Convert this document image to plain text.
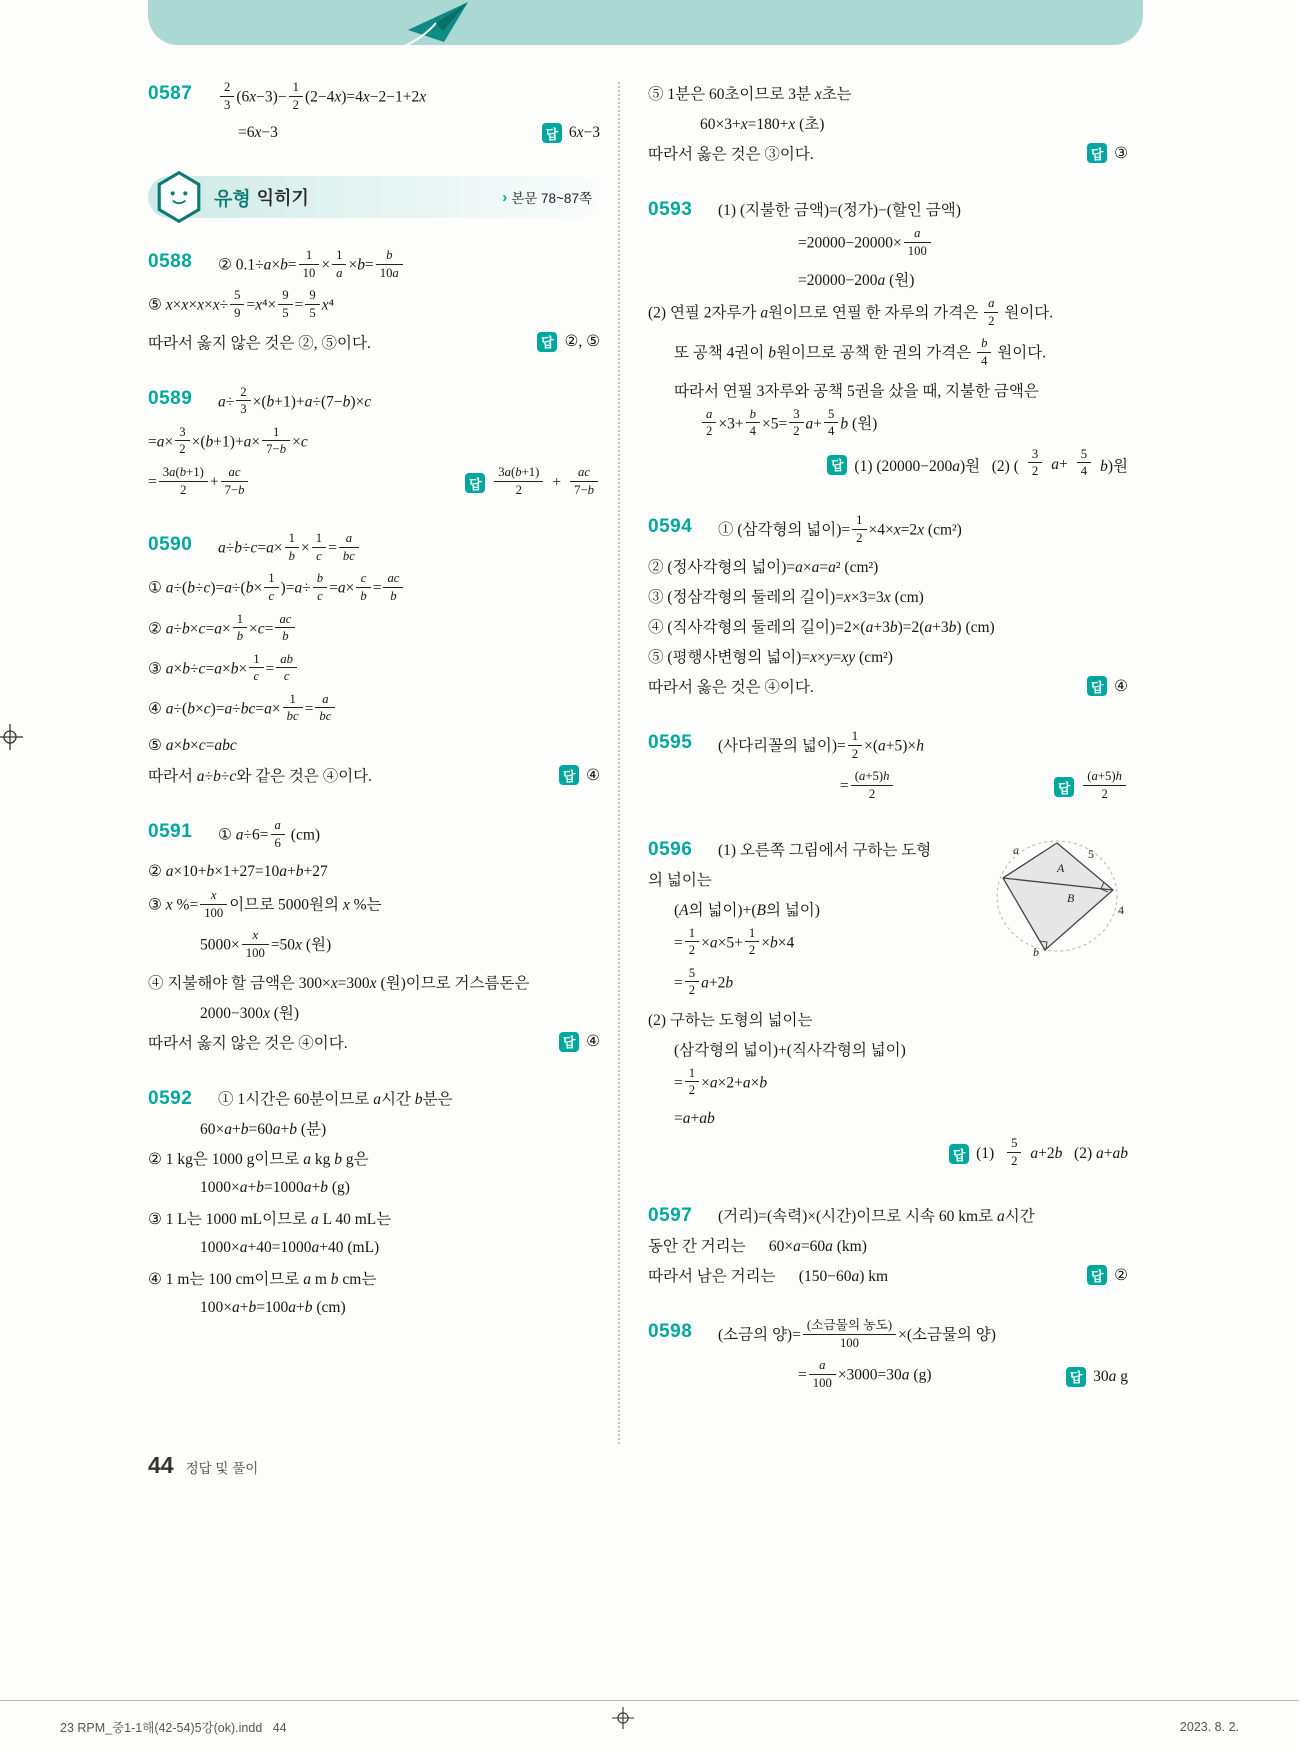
$0587 \frac{2}{3} (6x-3)- \frac{1}{2} (2-4x)=4x-2-1+2x$
=6x−3	답 6x−3
유형 익히기	› 본문 78~87쪽
0588	② $0.1\div a\times b= \frac{1}{10} \times \frac{1}{a} \times b= \frac{b}{10a}$
⑤ $x\times x\times x\times x\div \frac{5}{9} =x^4\times \frac{9}{5} = \frac{9}{5} x^4$
따라서 옳지 않은 것은 ②, ⑤이다.	답 ②, ⑤
0589	$a\div \frac{2}{3} \times(b+1)+a\div(7-b)\times c$
$=a\times \frac{3}{2} \times(b+1)+a\times \frac{1}{7-b} \times c$
= $\frac{3a(b+1)}{2} + \frac{ac}{7-b}$	답 $\frac{3a(b+1)}{2} + \frac{ac}{7-b}$
0590	$a\div b\div c=a\times \frac{1}{b} \times \frac{1}{c} = \frac{a}{bc}$
① $a\div(b\div c)=a\div(b\times \frac{1}{c} )=a\div \frac{b}{c} =a\times \frac{c}{b} = \frac{ac}{b}$
② $a\div b\times c=a\times \frac{1}{b} \times c= \frac{ac}{b}$
③ $a\times b\div c=a\times b\times \frac{1}{c} = \frac{ab}{c}$
④ $a\div(b\times c)=a\div bc=a\times \frac{1}{bc} = \frac{a}{bc}$
⑤ a×b×c=abc
따라서 a÷b÷c와 같은 것은 ④이다.	답 ④
0591	① $a\div 6= \frac{a}{6} (cm)$
② a×10+b×1+27=10a+b+27
③ x %= $\frac{x}{100}$ 이므로 5000원의 x %는
$5000\times \frac{x}{100} =50x$ (원)
④ 지불해야 할 금액은 300×x=300x (원)이므로 거스름돈은
2000−300x (원)
따라서 옳지 않은 것은 ④이다.	답 ④
0592	① 1시간은 60분이므로 a시간 b분은
60×a+b=60a+b (분)
② 1 kg은 1000 g이므로 a kg b g은
1000×a+b=1000a+b (g)
③ 1 L는 1000 mL이므로 a L 40 mL는
1000×a+40=1000a+40 (mL)
④ 1 m는 100 cm이므로 a m b cm는
100×a+b=100a+b (cm)
⑤ 1분은 60초이므로 3분 x초는
60×3+x=180+x (초)
따라서 옳은 것은 ③이다.	답 ③
0593	(1) (지불한 금액)=(정가)−(할인 금액)
$=20000-20000\times \frac{a}{100}$
=20000−200a (원)
(2) 연필 2자루가 a원이므로 연필 한 자루의 가격은 $\frac{a}{2}$ 원이다.
또 공책 4권이 b원이므로 공책 한 권의 가격은 $\frac{b}{4}$ 원이다.
따라서 연필 3자루와 공책 5권을 샀을 때, 지불한 금액은
$\frac{a}{2} \times 3+ \frac{b}{4} \times 5= \frac{3}{2} a+ \frac{5}{4}$ b (원)
답 (1) (20000−200a)원   (2) ( $\frac{3}{2} a+ \frac{5}{4} b$)원
0594	① (삼각형의 넓이)= $\frac{1}{2} \times 4\times x=2x$ (cm²)
② (정사각형의 넓이)=a×a=a² (cm²)
③ (정삼각형의 둘레의 길이)=x×3=3x (cm)
④ (직사각형의 둘레의 길이)=2×(a+3b)=2(a+3b) (cm)
⑤ (평행사변형의 넓이)=x×y=xy (cm²)
따라서 옳은 것은 ④이다.	답 ④
0595	(사다리꼴의 넓이)= $\frac{1}{2} \times(a+5)\times h$
= $\frac{(a+5)h}{2}$	답 $\frac{(a+5)h}{2}$
0596	5
a
4
b
A
B
(1) 오른쪽 그림에서 구하는 도형
의 넓이는
(A의 넓이)+(B의 넓이)
= $\frac{1}{2} \times a\times 5+ \frac{1}{2} \times b\times 4$
= $\frac{5}{2} a+2b$
(2) 구하는 도형의 넓이는
(삼각형의 넓이)+(직사각형의 넓이)
= $\frac{1}{2} \times a\times 2+a\times b$
=a+ab
답 $(1) \frac{5}{2} a+2b$   (2) a+ab
0597	(거리)=(속력)×(시간)이므로 시속 60 km로 a시간
동안 간 거리는      60×a=60a (km)
따라서 남은 거리는      (150−60a) km	답 ②
0598	(소금의 양)= $\frac{\text{(소금물의 농도)}}{100}$ ×(소금물의 양)
= $\frac{a}{100} \times 3000=30a$ (g)	답 30a g
44 정답 및 풀이
23 RPM_중1-1해(42-54)5강(ok).indd   44	2023. 8. 2.
